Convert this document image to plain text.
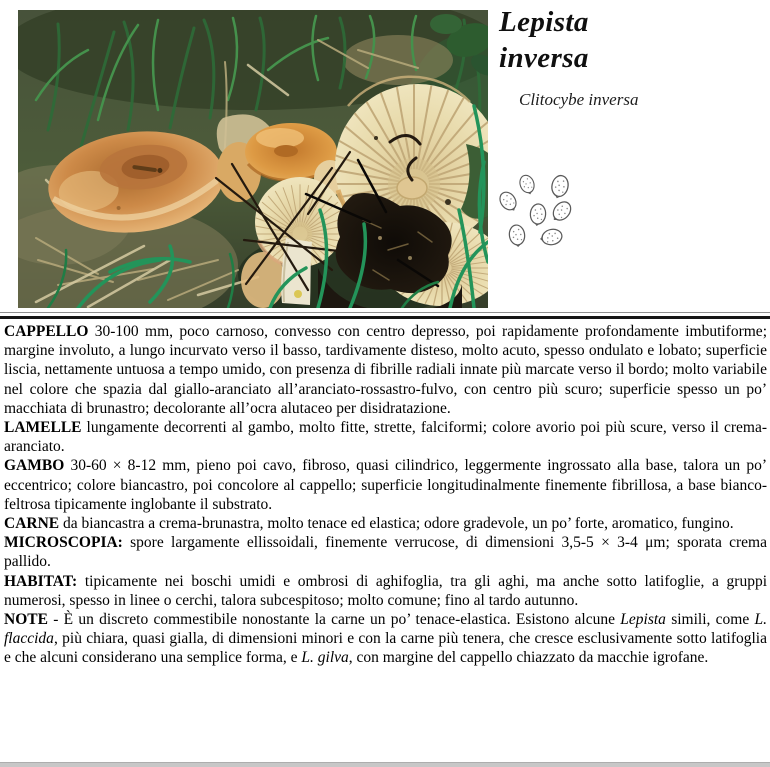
Lepista
inversa
Clitocybe inversa

CAPPELLO 30-100 mm, poco carnoso, convesso con centro depresso, poi rapidamente profondamente imbutiforme; margine involuto, a lungo incurvato verso il basso, tardivamente disteso, molto acuto, spesso ondulato e lobato; superficie liscia, nettamente untuosa a tempo umido, con presenza di fibrille radiali innate più marcate verso il bordo; molto variabile nel colore che spazia dal giallo-aranciato all’aranciato-rossastro-fulvo, con centro più scuro; superficie spesso un po’ macchiata di brunastro; decolorante all’ocra alutaceo per disidratazione.

LAMELLE lungamente decorrenti al gambo, molto fitte, strette, falciformi; colore avorio poi più scure, verso il crema-aranciato.

GAMBO 30-60 × 8-12 mm, pieno poi cavo, fibroso, quasi cilindrico, leggermente ingrossato alla base, talora un po’ eccentrico; colore biancastro, poi concolore al cappello; superficie longitudinalmente finemente fibrillosa, a base bianco-feltrosa tipicamente inglobante il substrato.

CARNE da biancastra a crema-brunastra, molto tenace ed elastica; odore gradevole, un po’ forte, aromatico, fungino.

MICROSCOPIA: spore largamente ellissoidali, finemente verrucose, di dimensioni 3,5-5 × 3-4 μm; sporata crema pallido.

HABITAT: tipicamente nei boschi umidi e ombrosi di aghifoglia, tra gli aghi, ma anche sotto latifoglie, a gruppi numerosi, spesso in linee o cerchi, talora subcespitoso; molto comune; fino al tardo autunno.

NOTE - È un discreto commestibile nonostante la carne un po’ tenace-elastica. Esistono alcune Lepista simili, come L. flaccida, più chiara, quasi gialla, di dimensioni minori e con la carne più tenera, che cresce esclusivamente sotto latifoglia e che alcuni considerano una semplice forma, e L. gilva, con margine del cappello chiazzato da macchie igrofane.
